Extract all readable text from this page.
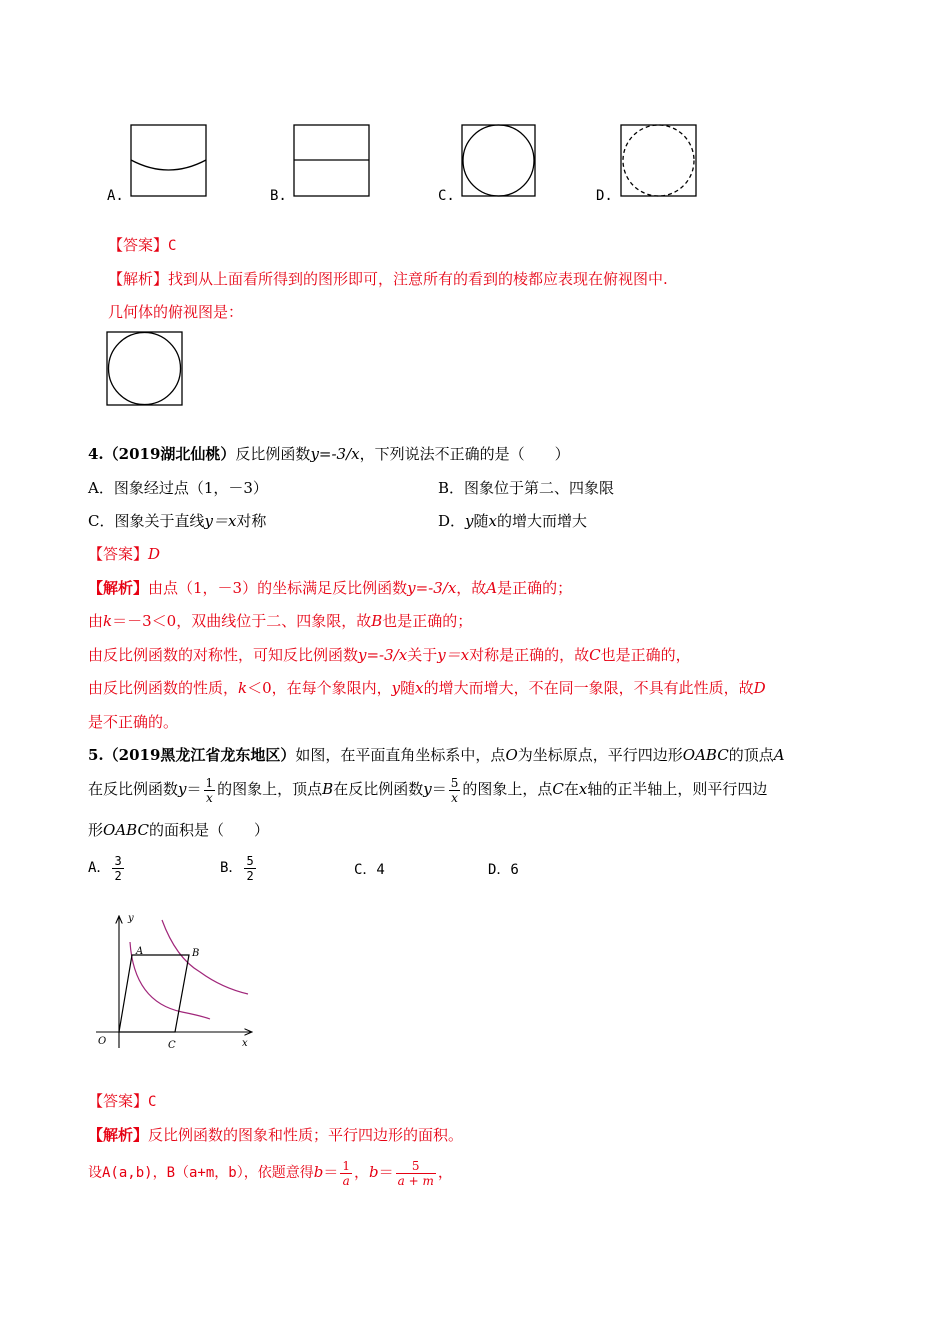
A.	B.	C.	D.
【答案】C
【解析】找到从上面看所得到的图形即可，注意所有的看到的棱都应表现在俯视图中.
几何体的俯视图是：
4.（2019湖北仙桃）反比例函数y=-3/x，下列说法不正确的是（　　）
A．图象经过点（1，－3）	B．图象位于第二、四象限
C．图象关于直线y＝x对称	D．y随x的增大而增大
【答案】D
【解析】由点（1，－3）的坐标满足反比例函数y=-3/x，故A是正确的；
由k＝－3＜0，双曲线位于二、四象限，故B也是正确的；
由反比例函数的对称性，可知反比例函数y=-3/x关于y＝x对称是正确的，故C也是正确的，
由反比例函数的性质，k＜0，在每个象限内，y随x的增大而增大，不在同一象限，不具有此性质，故D
是不正确的。
5.（2019黑龙江省龙东地区）如图，在平面直角坐标系中，点O为坐标原点，平行四边形OABC的顶点A
在反比例函数$y= \frac{1}{x}$ 的图象上，顶点B在反比例函数$y= \frac{5}{x}$ 的图象上，点C在x轴的正半轴上，则平行四边
形OABC的面积是（　　）
A． $\frac{3}{2}$	B． $\frac{5}{2}$	C．4	D．6
y
x
O
A	B
C
【答案】C
【解析】反比例函数的图象和性质；平行四边形的面积。
设A(a,b)，B（a+m，b），依题意得$b= \frac{1}{a}$ ，$b= \frac{5}{a + m}$ ，
